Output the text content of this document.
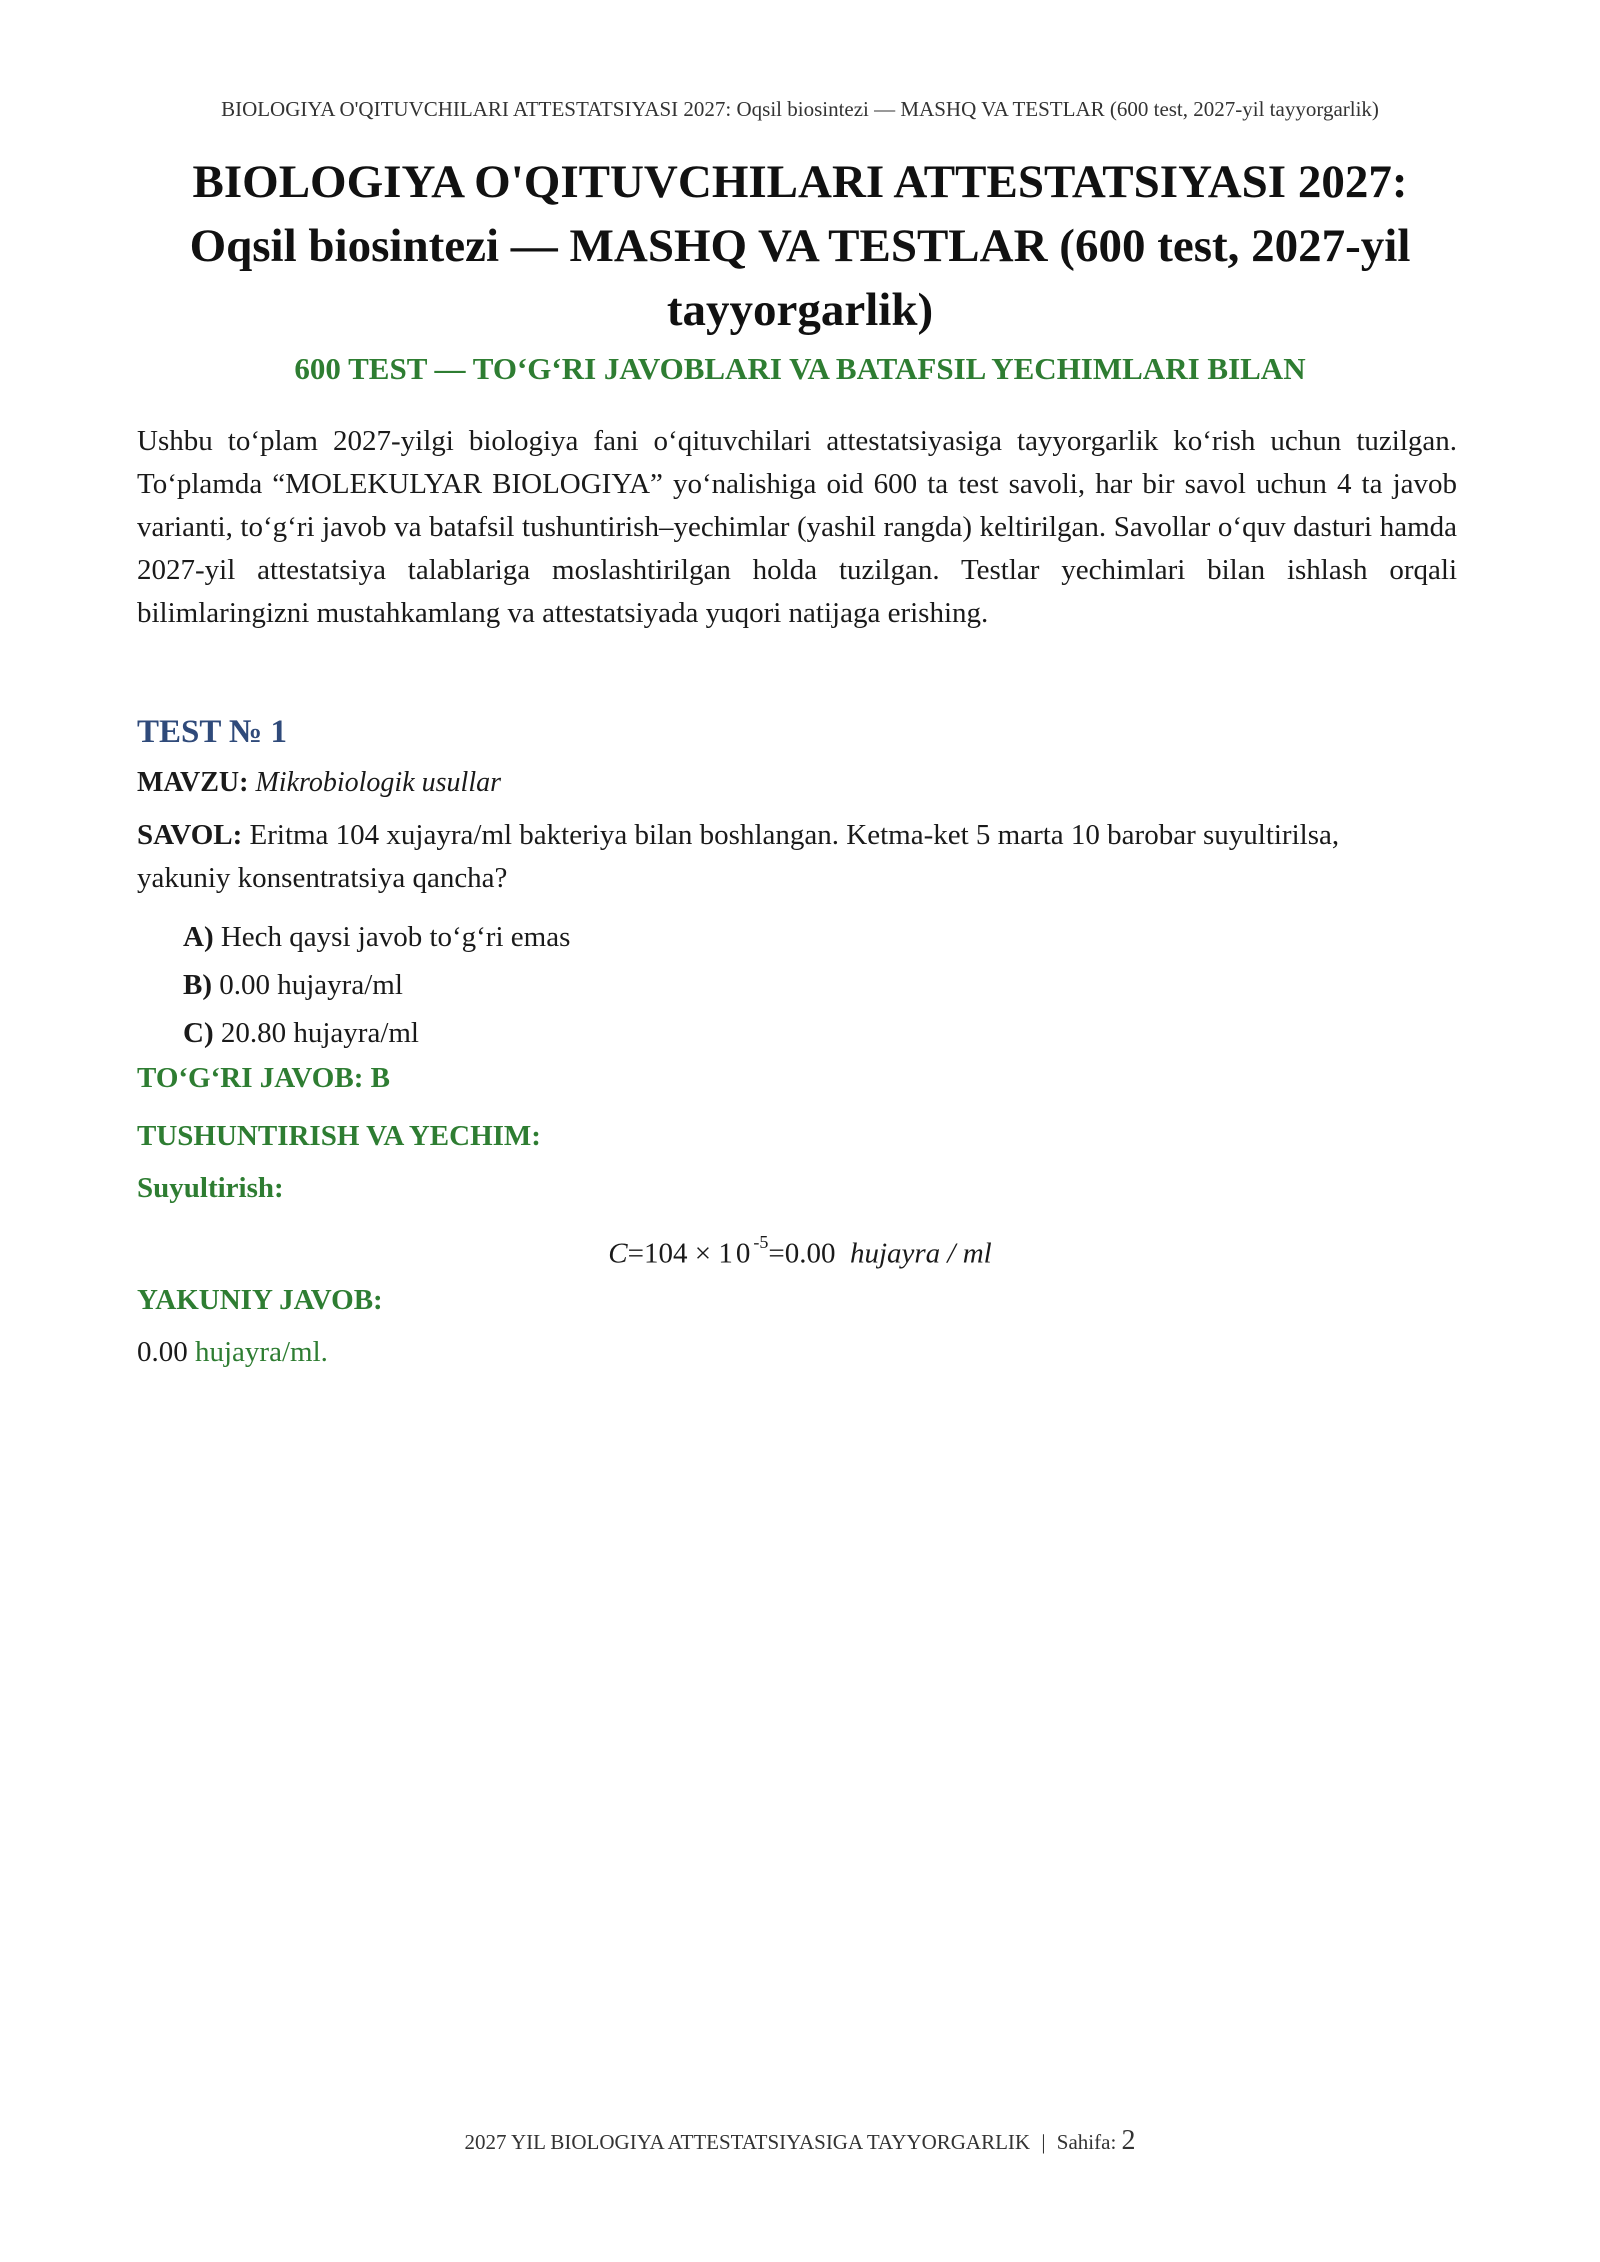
BIOLOGIYA O'QITUVCHILARI ATTESTATSIYASI 2027: Oqsil biosintezi — MASHQ VA TESTLAR (600 test, 2027-yil tayyorgarlik)
BIOLOGIYA O'QITUVCHILARI ATTESTATSIYASI 2027: Oqsil biosintezi — MASHQ VA TESTLAR (600 test, 2027-yil tayyorgarlik)
600 TEST — TO‘G‘RI JAVOBLARI VA BATAFSIL YECHIMLARI BILAN

Ushbu to‘plam 2027-yilgi biologiya fani o‘qituvchilari attestatsiyasiga tayyorgarlik ko‘rish uchun tuzilgan. To‘plamda “MOLEKULYAR BIOLOGIYA” yo‘nalishiga oid 600 ta test savoli, har bir savol uchun 4 ta javob varianti, to‘g‘ri javob va batafsil tushuntirish–yechimlar (yashil rangda) keltirilgan. Savollar o‘quv dasturi hamda 2027-yil attestatsiya talablariga moslashtirilgan holda tuzilgan. Testlar yechimlari bilan ishlash orqali bilimlaringizni mustahkamlang va attestatsiyada yuqori natijaga erishing.

TEST № 1
MAVZU: Mikrobiologik usullar
SAVOL: Eritma 104 xujayra/ml bakteriya bilan boshlangan. Ketma-ket 5 marta 10 barobar suyultirilsa, yakuniy konsentratsiya qancha?
A) Hech qaysi javob to‘g‘ri emas
B) 0.00 hujayra/ml
C) 20.80 hujayra/ml
TO‘G‘RI JAVOB: B
TUSHUNTIRISH VA YECHIM:
Suyultirish:
$C=104 \times 10^{-5}=0.00$ hujayra / ml
YAKUNIY JAVOB:
0.00 hujayra/ml.
2027 YIL BIOLOGIYA ATTESTATSIYASIGA TAYYORGARLIK | Sahifa: 2
